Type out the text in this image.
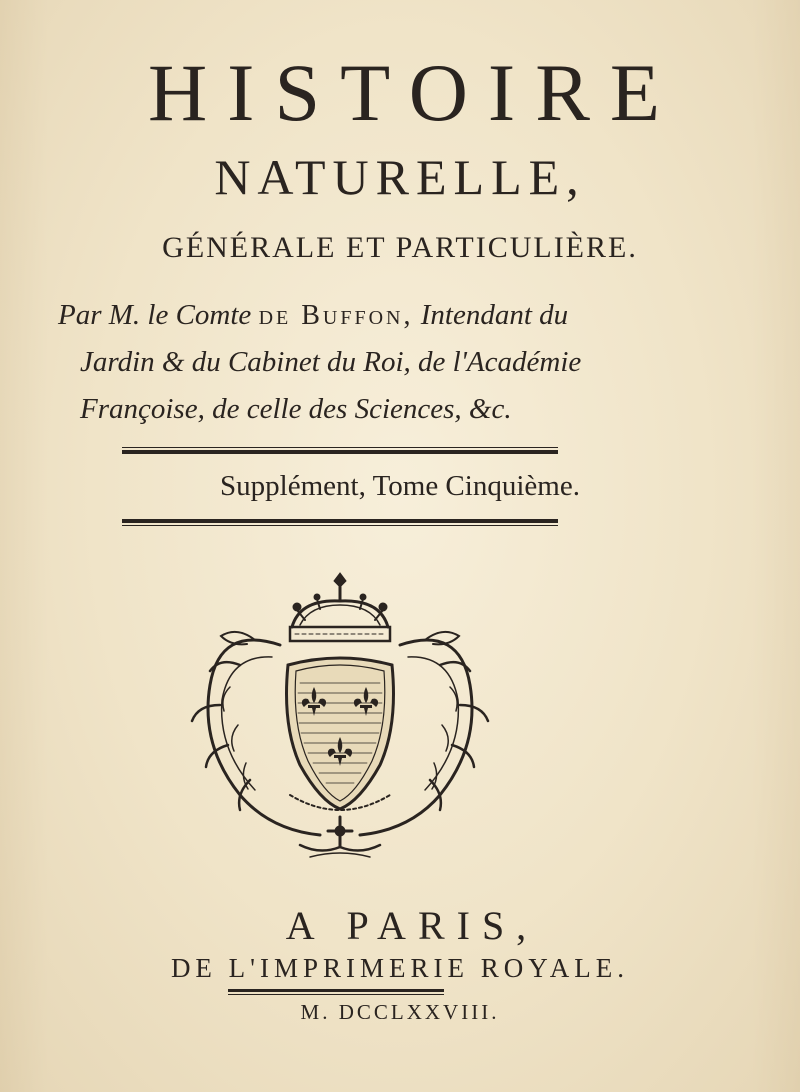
HISTOIRE
NATURELLE,
GÉNÉRALE ET PARTICULIÈRE.
Par M. le Comte de Buffon, Intendant du
Jardin & du Cabinet du Roi, de l'Académie
Françoise, de celle des Sciences, &c.
Supplément, Tome Cinquième.
A PARIS,
DE L'IMPRIMERIE ROYALE.
M. DCCLXXVIII.
